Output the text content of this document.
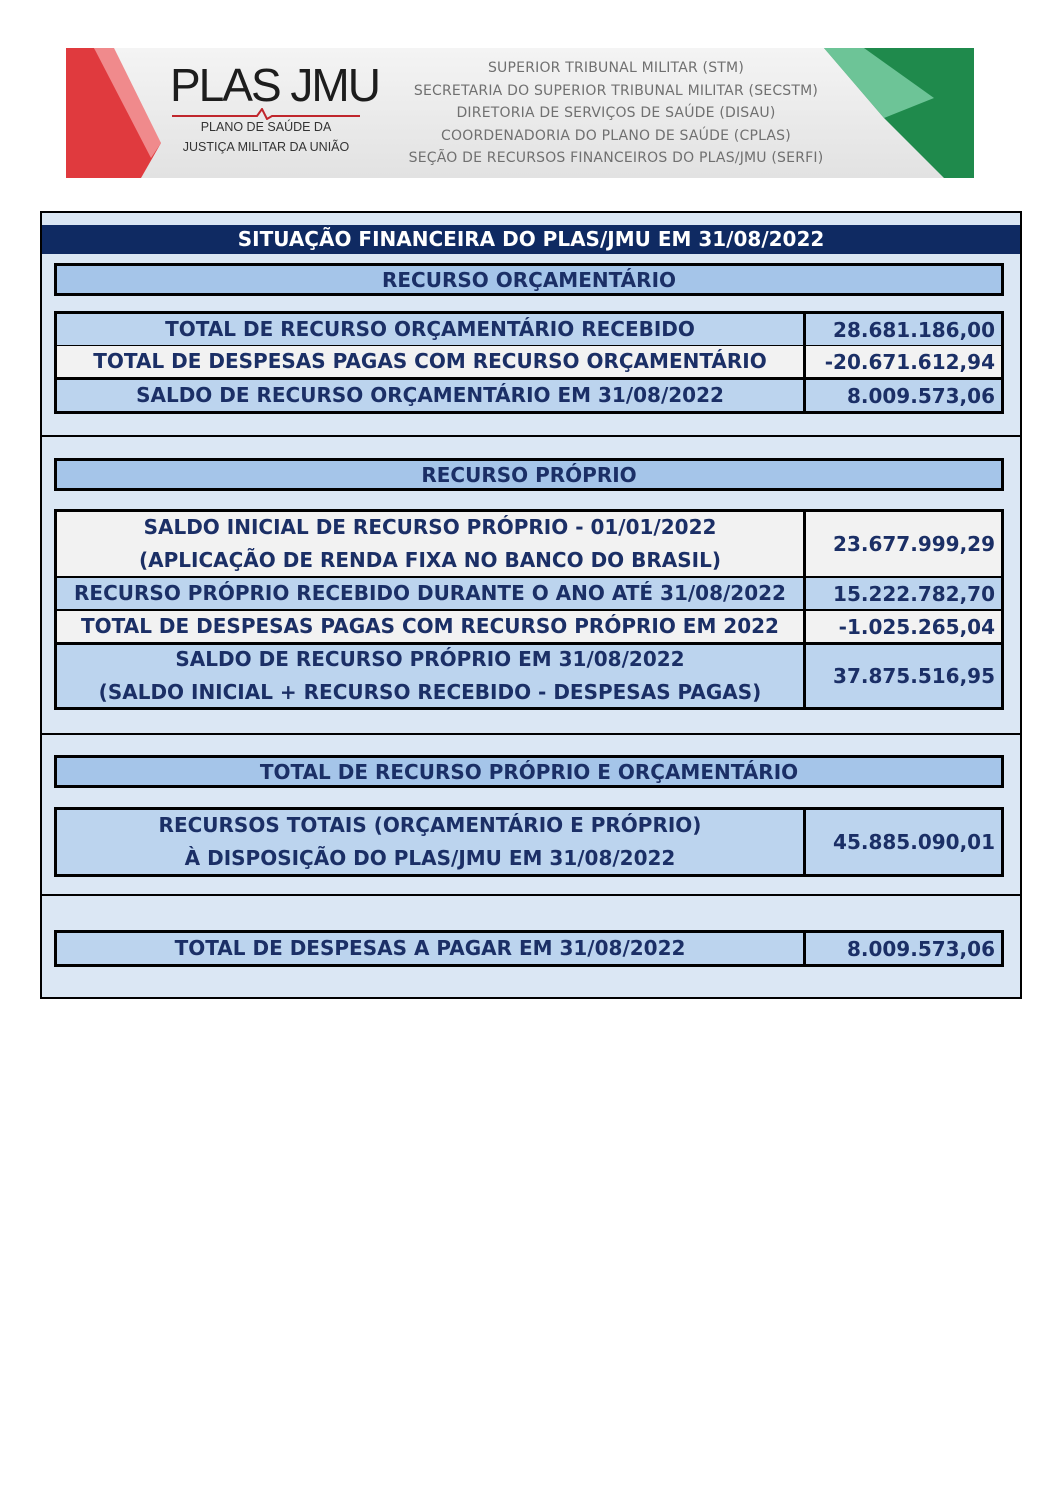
PLAS JMU
PLANO DE SAÚDE DA
JUSTIÇA MILITAR DA UNIÃO
SUPERIOR TRIBUNAL MILITAR (STM)
SECRETARIA DO SUPERIOR TRIBUNAL MILITAR (SECSTM)
DIRETORIA DE SERVIÇOS DE SAÚDE (DISAU)
COORDENADORIA DO PLANO DE SAÚDE (CPLAS)
SEÇÃO DE RECURSOS FINANCEIROS DO PLAS/JMU (SERFI)
SITUAÇÃO FINANCEIRA DO PLAS/JMU EM 31/08/2022
RECURSO ORÇAMENTÁRIO
TOTAL DE RECURSO ORÇAMENTÁRIO RECEBIDO	28.681.186,00
TOTAL DE DESPESAS PAGAS COM RECURSO ORÇAMENTÁRIO	-20.671.612,94
SALDO DE RECURSO ORÇAMENTÁRIO EM 31/08/2022	8.009.573,06
RECURSO PRÓPRIO
SALDO INICIAL DE RECURSO PRÓPRIO - 01/01/2022
(APLICAÇÃO DE RENDA FIXA NO BANCO DO BRASIL)
23.677.999,29
RECURSO PRÓPRIO RECEBIDO DURANTE O ANO ATÉ 31/08/2022	15.222.782,70
TOTAL DE DESPESAS PAGAS COM RECURSO PRÓPRIO EM 2022	-1.025.265,04
SALDO DE RECURSO PRÓPRIO EM 31/08/2022
(SALDO INICIAL + RECURSO RECEBIDO - DESPESAS PAGAS)
37.875.516,95
TOTAL DE RECURSO PRÓPRIO E ORÇAMENTÁRIO
RECURSOS TOTAIS (ORÇAMENTÁRIO E PRÓPRIO)
À DISPOSIÇÃO DO PLAS/JMU EM 31/08/2022
45.885.090,01
TOTAL DE DESPESAS A PAGAR EM 31/08/2022	8.009.573,06
